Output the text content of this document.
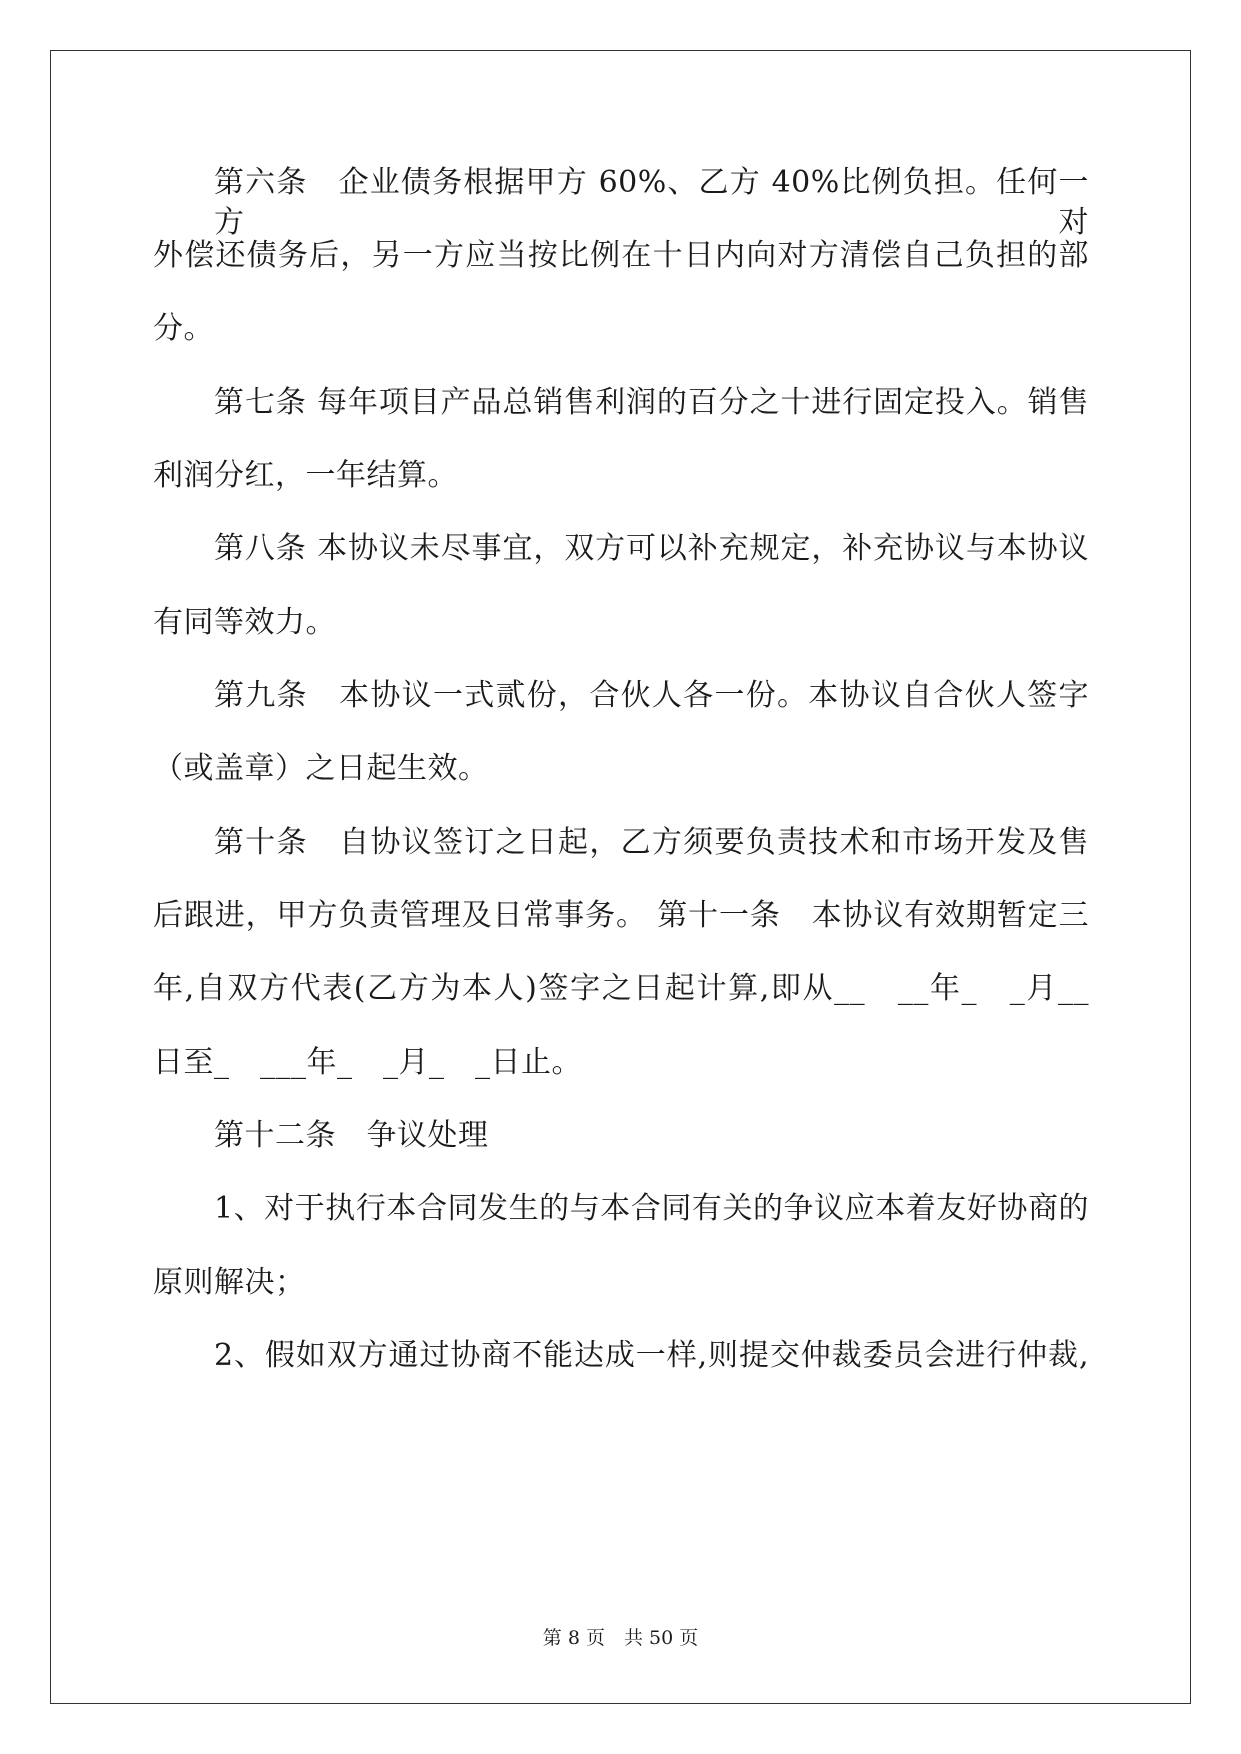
第六条　企业债务根据甲方 60%、乙方 40%比例负担。任何一方对
外偿还债务后，另一方应当按比例在十日内向对方清偿自己负担的部
分。
第七条 每年项目产品总销售利润的百分之十进行固定投入。销售
利润分红，一年结算。
第八条 本协议未尽事宜，双方可以补充规定，补充协议与本协议
有同等效力。
第九条　本协议一式贰份，合伙人各一份。本协议自合伙人签字
（或盖章）之日起生效。
第十条　自协议签订之日起，乙方须要负责技术和市场开发及售
后跟进，甲方负责管理及日常事务。 第十一条　本协议有效期暂定三
年,自双方代表(乙方为本人)签字之日起计算,即从__　__年_　_月__
日至_　___年_　_月_　_日止。
第十二条　争议处理
1、对于执行本合同发生的与本合同有关的争议应本着友好协商的
原则解决；
2、假如双方通过协商不能达成一样,则提交仲裁委员会进行仲裁,
第 8 页　共 50 页
